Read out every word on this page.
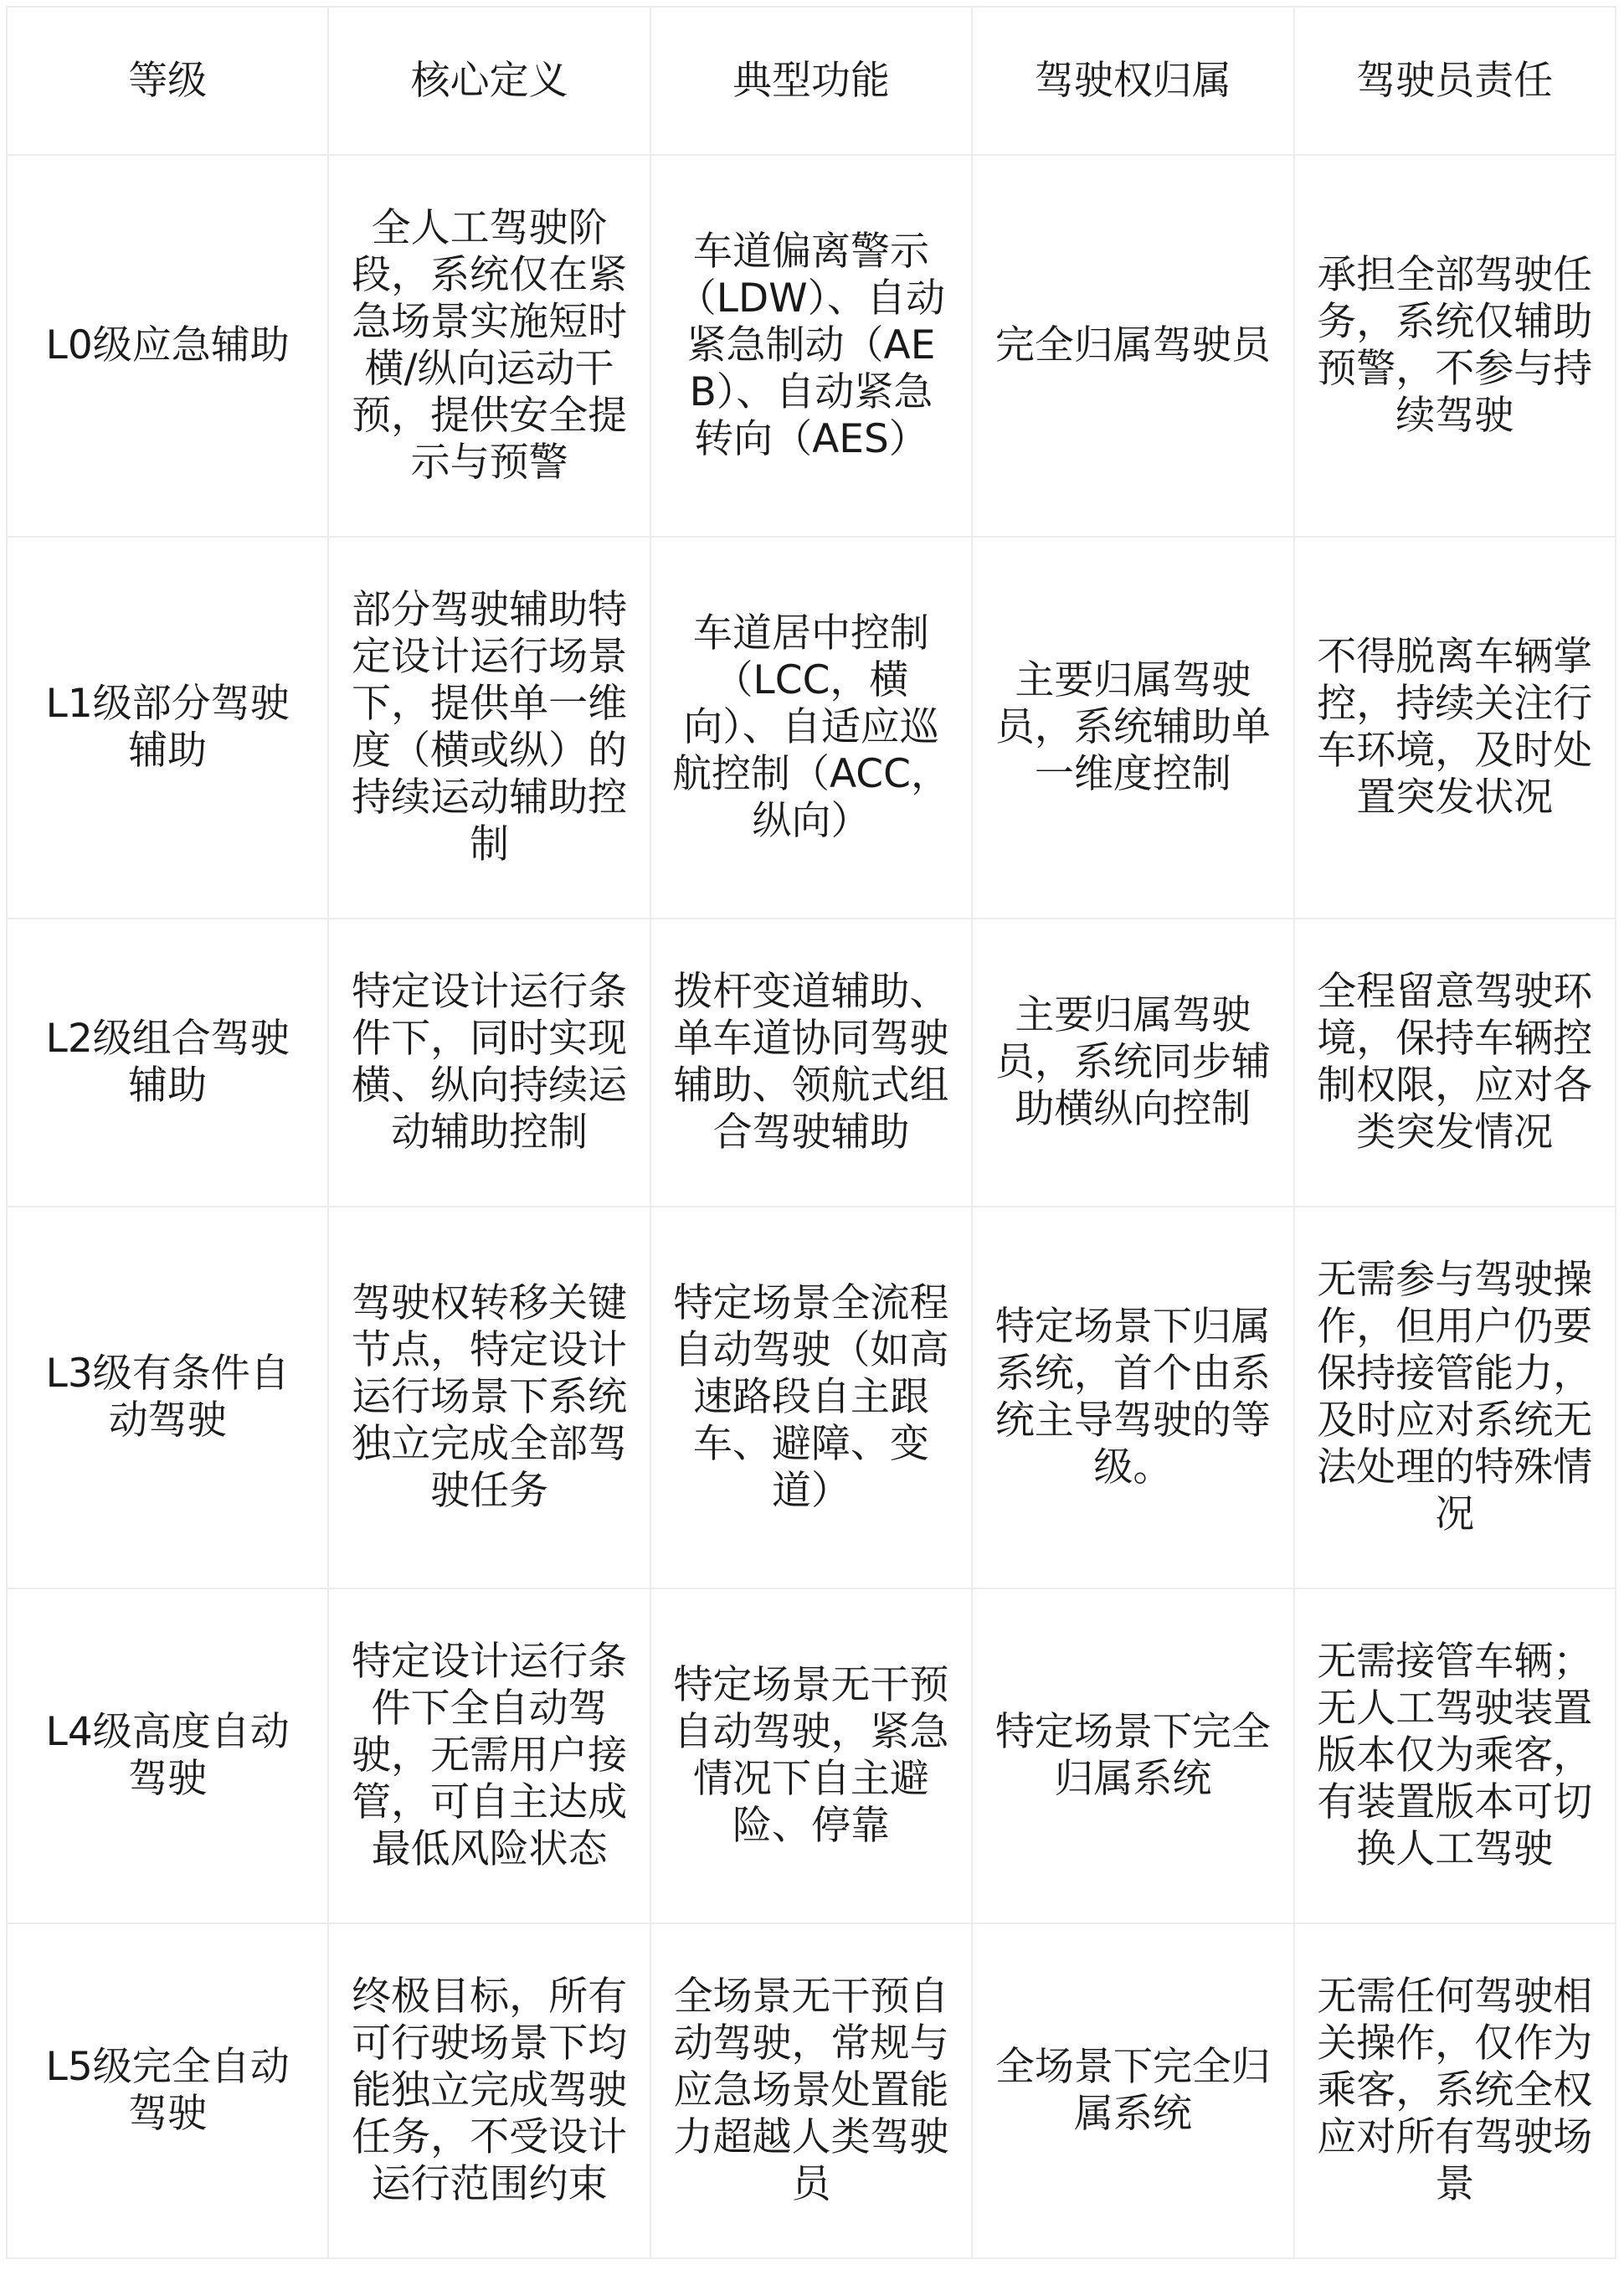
等级	核心定义	典型功能	驾驶权归属	驾驶员责任
L0级应急辅助	全人工驾驶阶段，系统仅在紧急场景实施短时横/纵向运动干预，提供安全提示与预警	车道偏离警示（LDW）、自动紧急制动（AEB）、自动紧急转向（AES）	完全归属驾驶员	承担全部驾驶任务，系统仅辅助预警，不参与持续驾驶
L1级部分驾驶辅助	部分驾驶辅助特定设计运行场景下，提供单一维度（横或纵）的持续运动辅助控制	车道居中控制（LCC，横向）、自适应巡航控制（ACC，纵向）	主要归属驾驶员，系统辅助单一维度控制	不得脱离车辆掌控，持续关注行车环境，及时处置突发状况
L2级组合驾驶辅助	特定设计运行条件下，同时实现横、纵向持续运动辅助控制	拨杆变道辅助、单车道协同驾驶辅助、领航式组合驾驶辅助	主要归属驾驶员，系统同步辅助横纵向控制	全程留意驾驶环境，保持车辆控制权限，应对各类突发情况
L3级有条件自动驾驶	驾驶权转移关键节点，特定设计运行场景下系统独立完成全部驾驶任务	特定场景全流程自动驾驶（如高速路段自主跟车、避障、变道）	特定场景下归属系统，首个由系统主导驾驶的等级。	无需参与驾驶操作，但用户仍要保持接管能力，及时应对系统无法处理的特殊情况
L4级高度自动驾驶	特定设计运行条件下全自动驾驶，无需用户接管，可自主达成最低风险状态	特定场景无干预自动驾驶，紧急情况下自主避险、停靠	特定场景下完全归属系统	无需接管车辆；无人工驾驶装置版本仅为乘客，有装置版本可切换人工驾驶
L5级完全自动驾驶	终极目标，所有可行驶场景下均能独立完成驾驶任务，不受设计运行范围约束	全场景无干预自动驾驶，常规与应急场景处置能力超越人类驾驶员	全场景下完全归属系统	无需任何驾驶相关操作，仅作为乘客，系统全权应对所有驾驶场景
